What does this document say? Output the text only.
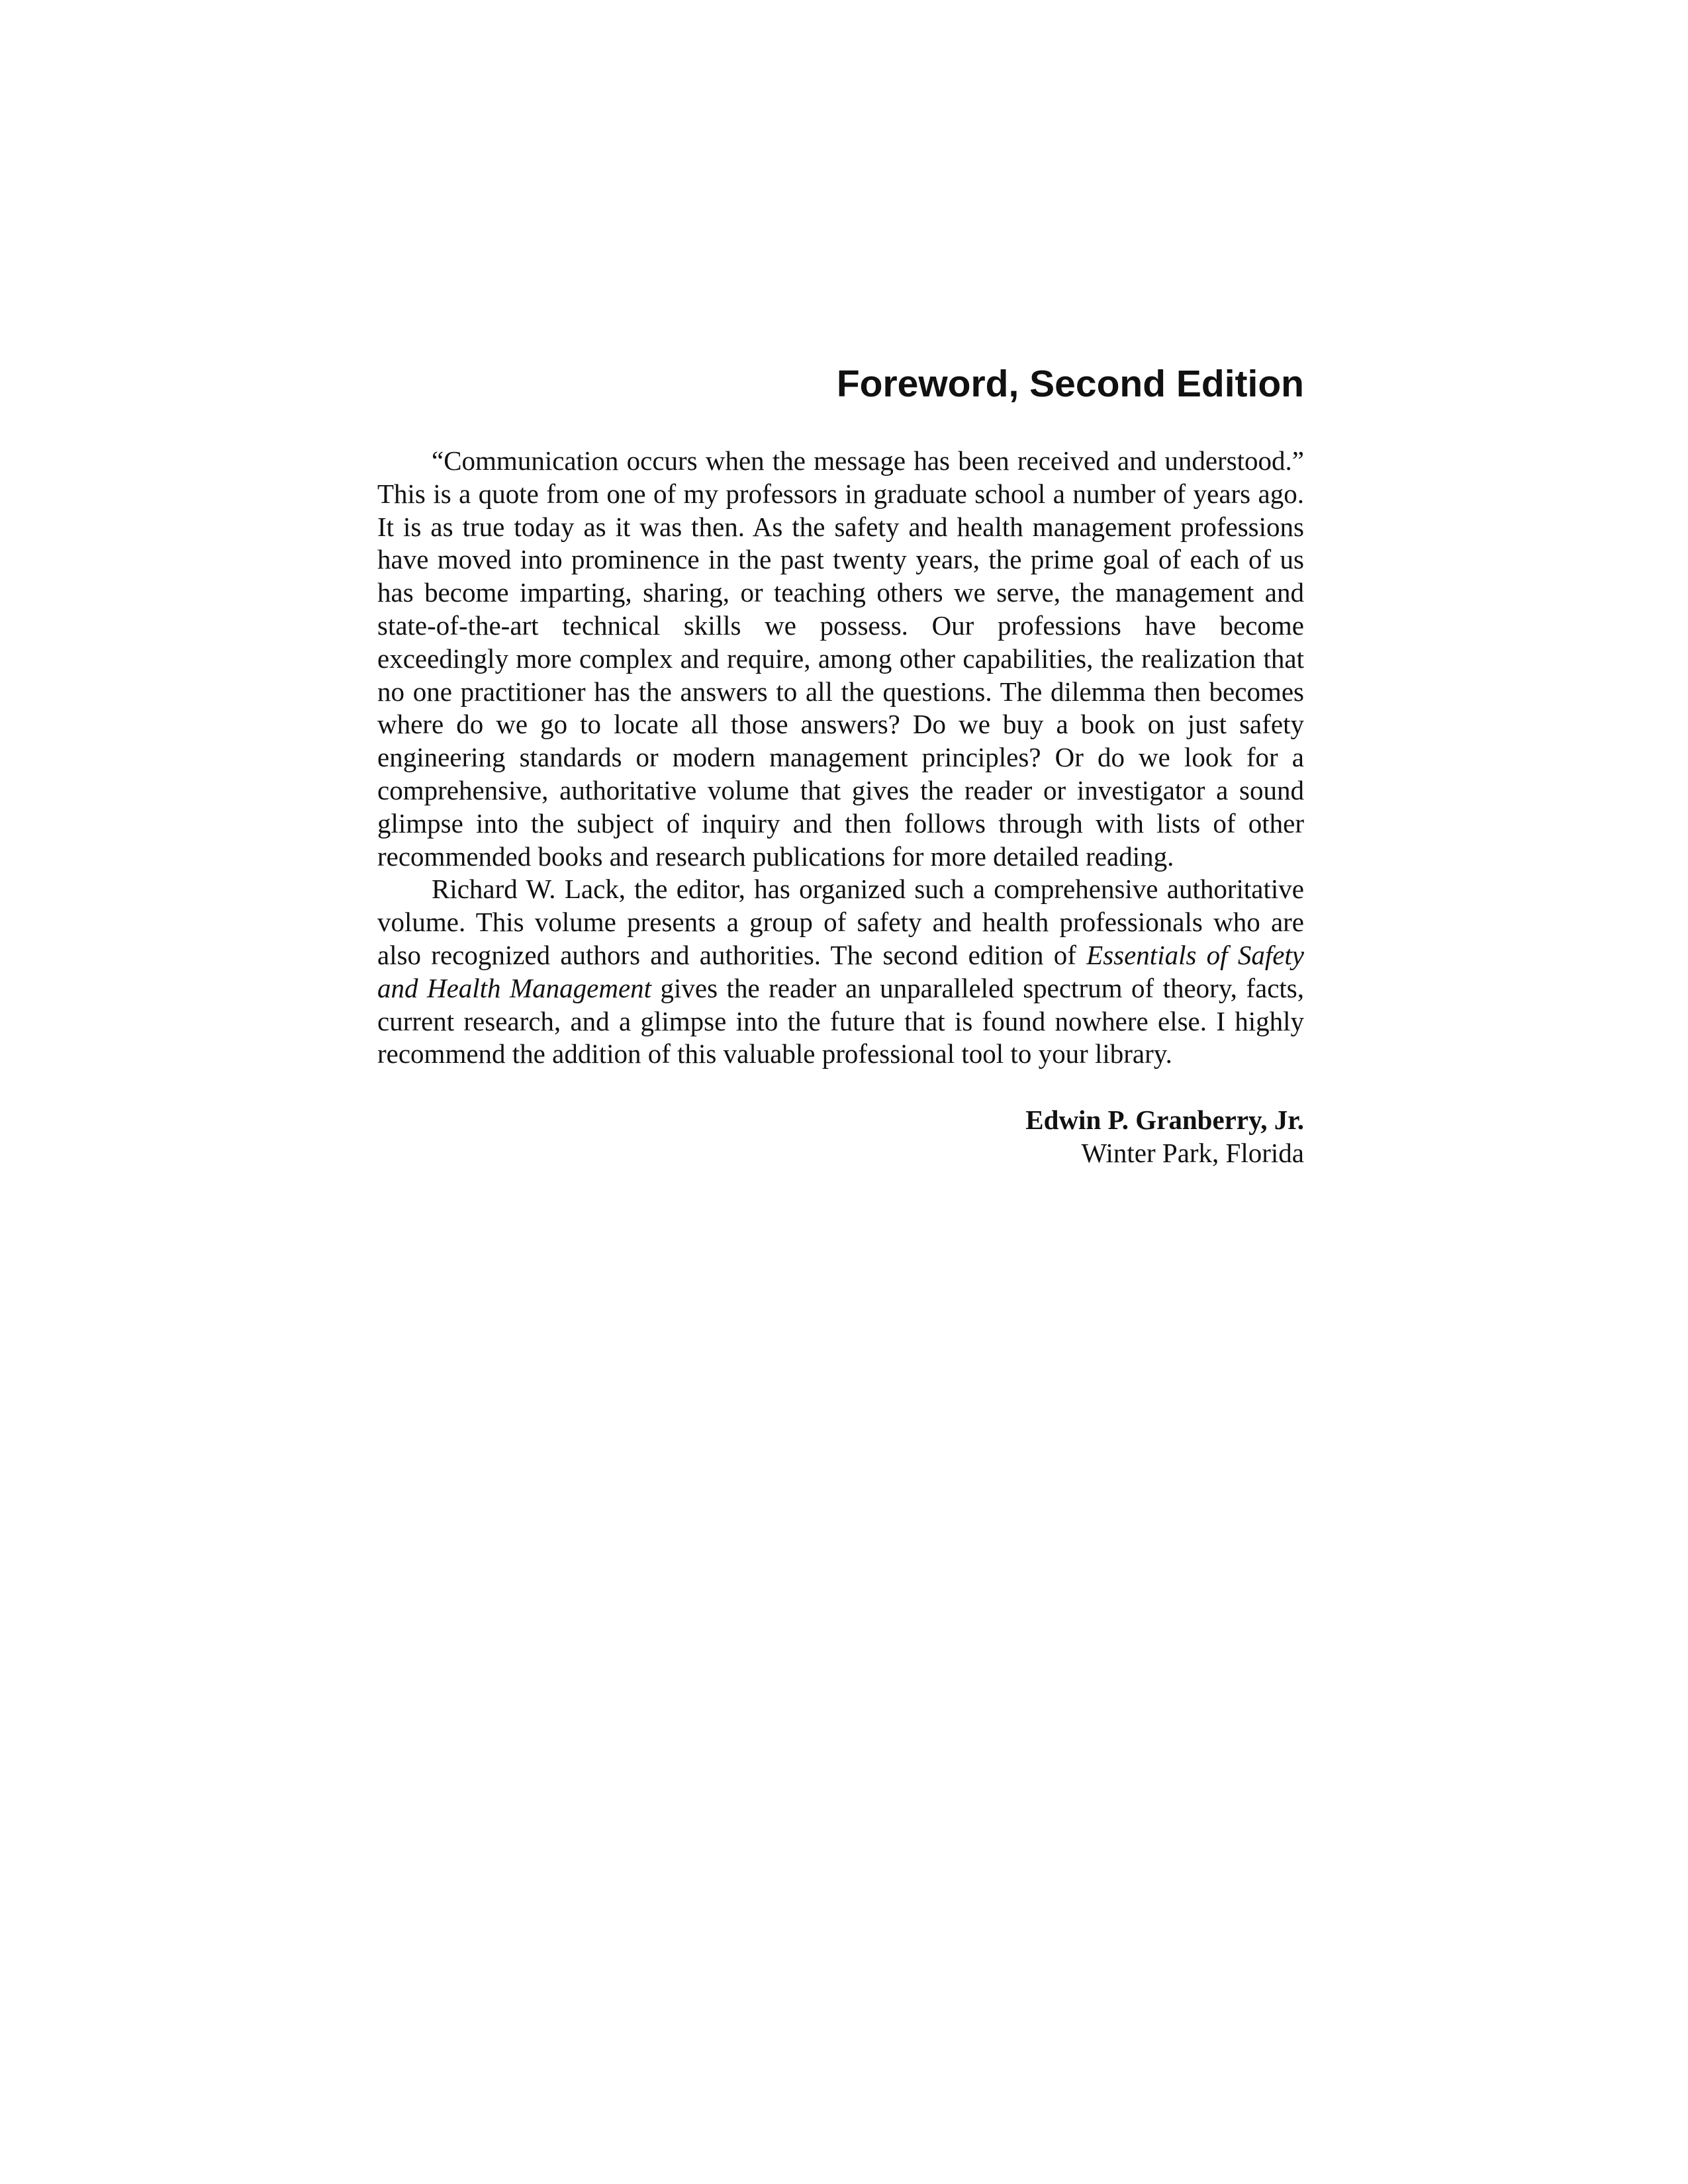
Foreword, Second Edition

“Communication occurs when the message has been received and understood.” This is a quote from one of my professors in graduate school a number of years ago. It is as true today as it was then. As the safety and health management professions have moved into prominence in the past twenty years, the prime goal of each of us has become imparting, sharing, or teaching others we serve, the management and state-of-the-art technical skills we possess. Our professions have become exceedingly more complex and require, among other capabilities, the realization that no one practitioner has the answers to all the questions. The dilemma then becomes where do we go to locate all those answers? Do we buy a book on just safety engineering standards or modern management principles? Or do we look for a comprehensive, authoritative volume that gives the reader or investigator a sound glimpse into the subject of inquiry and then follows through with lists of other recommended books and research publications for more detailed reading.

Richard W. Lack, the editor, has organized such a comprehensive authoritative volume. This volume presents a group of safety and health professionals who are also recognized authors and authorities. The second edition of Essentials of Safety and Health Management gives the reader an unparalleled spectrum of theory, facts, current research, and a glimpse into the future that is found nowhere else. I highly recommend the addition of this valuable professional tool to your library.

Edwin P. Granberry, Jr.
Winter Park, Florida
